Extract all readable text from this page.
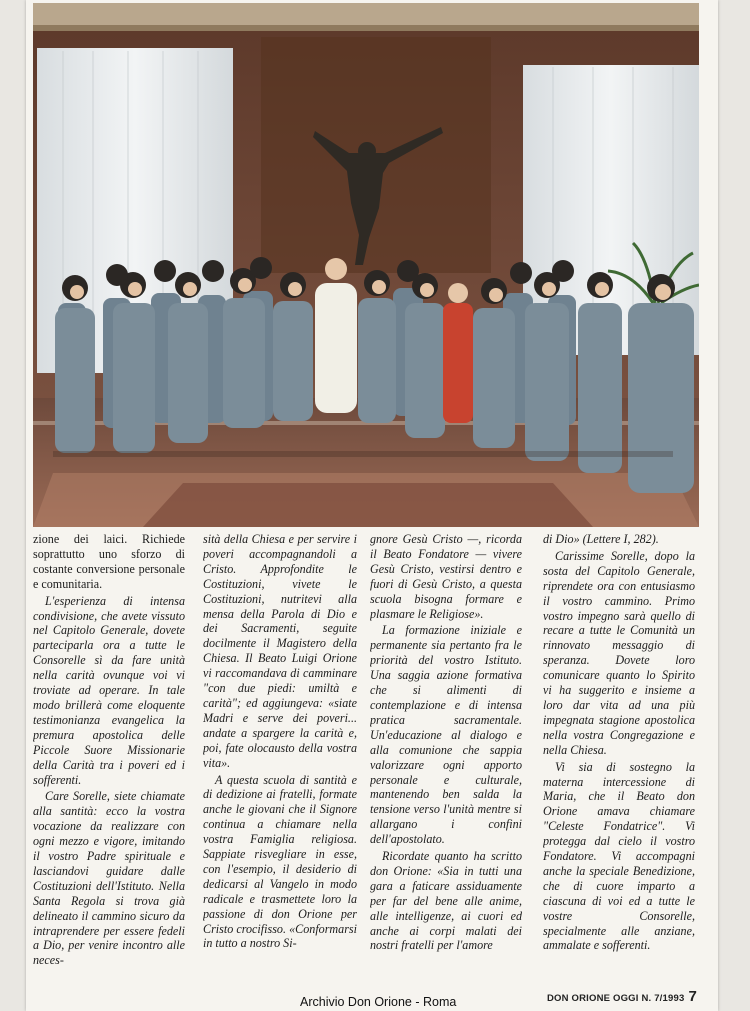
zione dei laici. Richiede soprattutto uno sforzo di costante conversione personale e comunitaria.

L'esperienza di intensa condivisione, che avete vissuto nel Capitolo Generale, dovete parteciparla ora a tutte le Consorelle sì da fare unità nella carità ovunque voi vi troviate ad operare. In tale modo brillerà come eloquente testimonianza evangelica la premura apostolica delle Piccole Suore Missionarie della Carità tra i poveri ed i sofferenti.

Care Sorelle, siete chiamate alla santità: ecco la vostra vocazione da realizzare con ogni mezzo e vigore, imitando il vostro Padre spirituale e lasciandovi guidare dalle Costituzioni dell'Istituto. Nella Santa Regola si trova già delineato il cammino sicuro da intraprendere per essere fedeli a Dio, per venire incontro alle neces-

sità della Chiesa e per servire i poveri accompagnandoli a Cristo. Approfondite le Costituzioni, vivete le Costituzioni, nutritevi alla mensa della Parola di Dio e dei Sacramenti, seguite docilmente il Magistero della Chiesa. Il Beato Luigi Orione vi raccomandava di camminare "con due piedi: umiltà e carità"; ed aggiungeva: «siate Madri e serve dei poveri... andate a spargere la carità e, poi, fate olocausto della vostra vita».

A questa scuola di santità e di dedizione ai fratelli, formate anche le giovani che il Signore continua a chiamare nella vostra Famiglia religiosa. Sappiate risvegliare in esse, con l'esempio, il desiderio di dedicarsi al Vangelo in modo radicale e trasmettete loro la passione di don Orione per Cristo crocifisso. «Conformarsi in tutto a nostro Si-

gnore Gesù Cristo —, ricorda il Beato Fondatore — vivere Gesù Cristo, vestirsi dentro e fuori di Gesù Cristo, a questa scuola bisogna formare e plasmare le Religiose».

La formazione iniziale e permanente sia pertanto fra le priorità del vostro Istituto. Una saggia azione formativa che si alimenti di contemplazione e di intensa pratica sacramentale. Un'educazione al dialogo e alla comunione che sappia valorizzare ogni apporto personale e culturale, mantenendo ben salda la tensione verso l'unità mentre si allargano i confini dell'apostolato.

Ricordate quanto ha scritto don Orione: «Sia in tutti una gara a faticare assiduamente per far del bene alle anime, alle intelligenze, ai cuori ed anche ai corpi malati dei nostri fratelli per l'amore

di Dio» (Lettere I, 282).

Carissime Sorelle, dopo la sosta del Capitolo Generale, riprendete ora con entusiasmo il vostro cammino. Primo vostro impegno sarà quello di recare a tutte le Comunità un rinnovato messaggio di speranza. Dovete loro comunicare quanto lo Spirito vi ha suggerito e insieme a loro dar vita ad una più impegnata stagione apostolica nella vostra Congregazione e nella Chiesa.

Vi sia di sostegno la materna intercessione di Maria, che il Beato don Orione amava chiamare "Celeste Fondatrice". Vi protegga dal cielo il vostro Fondatore. Vi accompagni anche la speciale Benedizione, che di cuore imparto a ciascuna di voi ed a tutte le vostre Consorelle, specialmente alle anziane, ammalate e sofferenti.

Archivio Don Orione - Roma	DON ORIONE OGGI N. 7/1993 7
